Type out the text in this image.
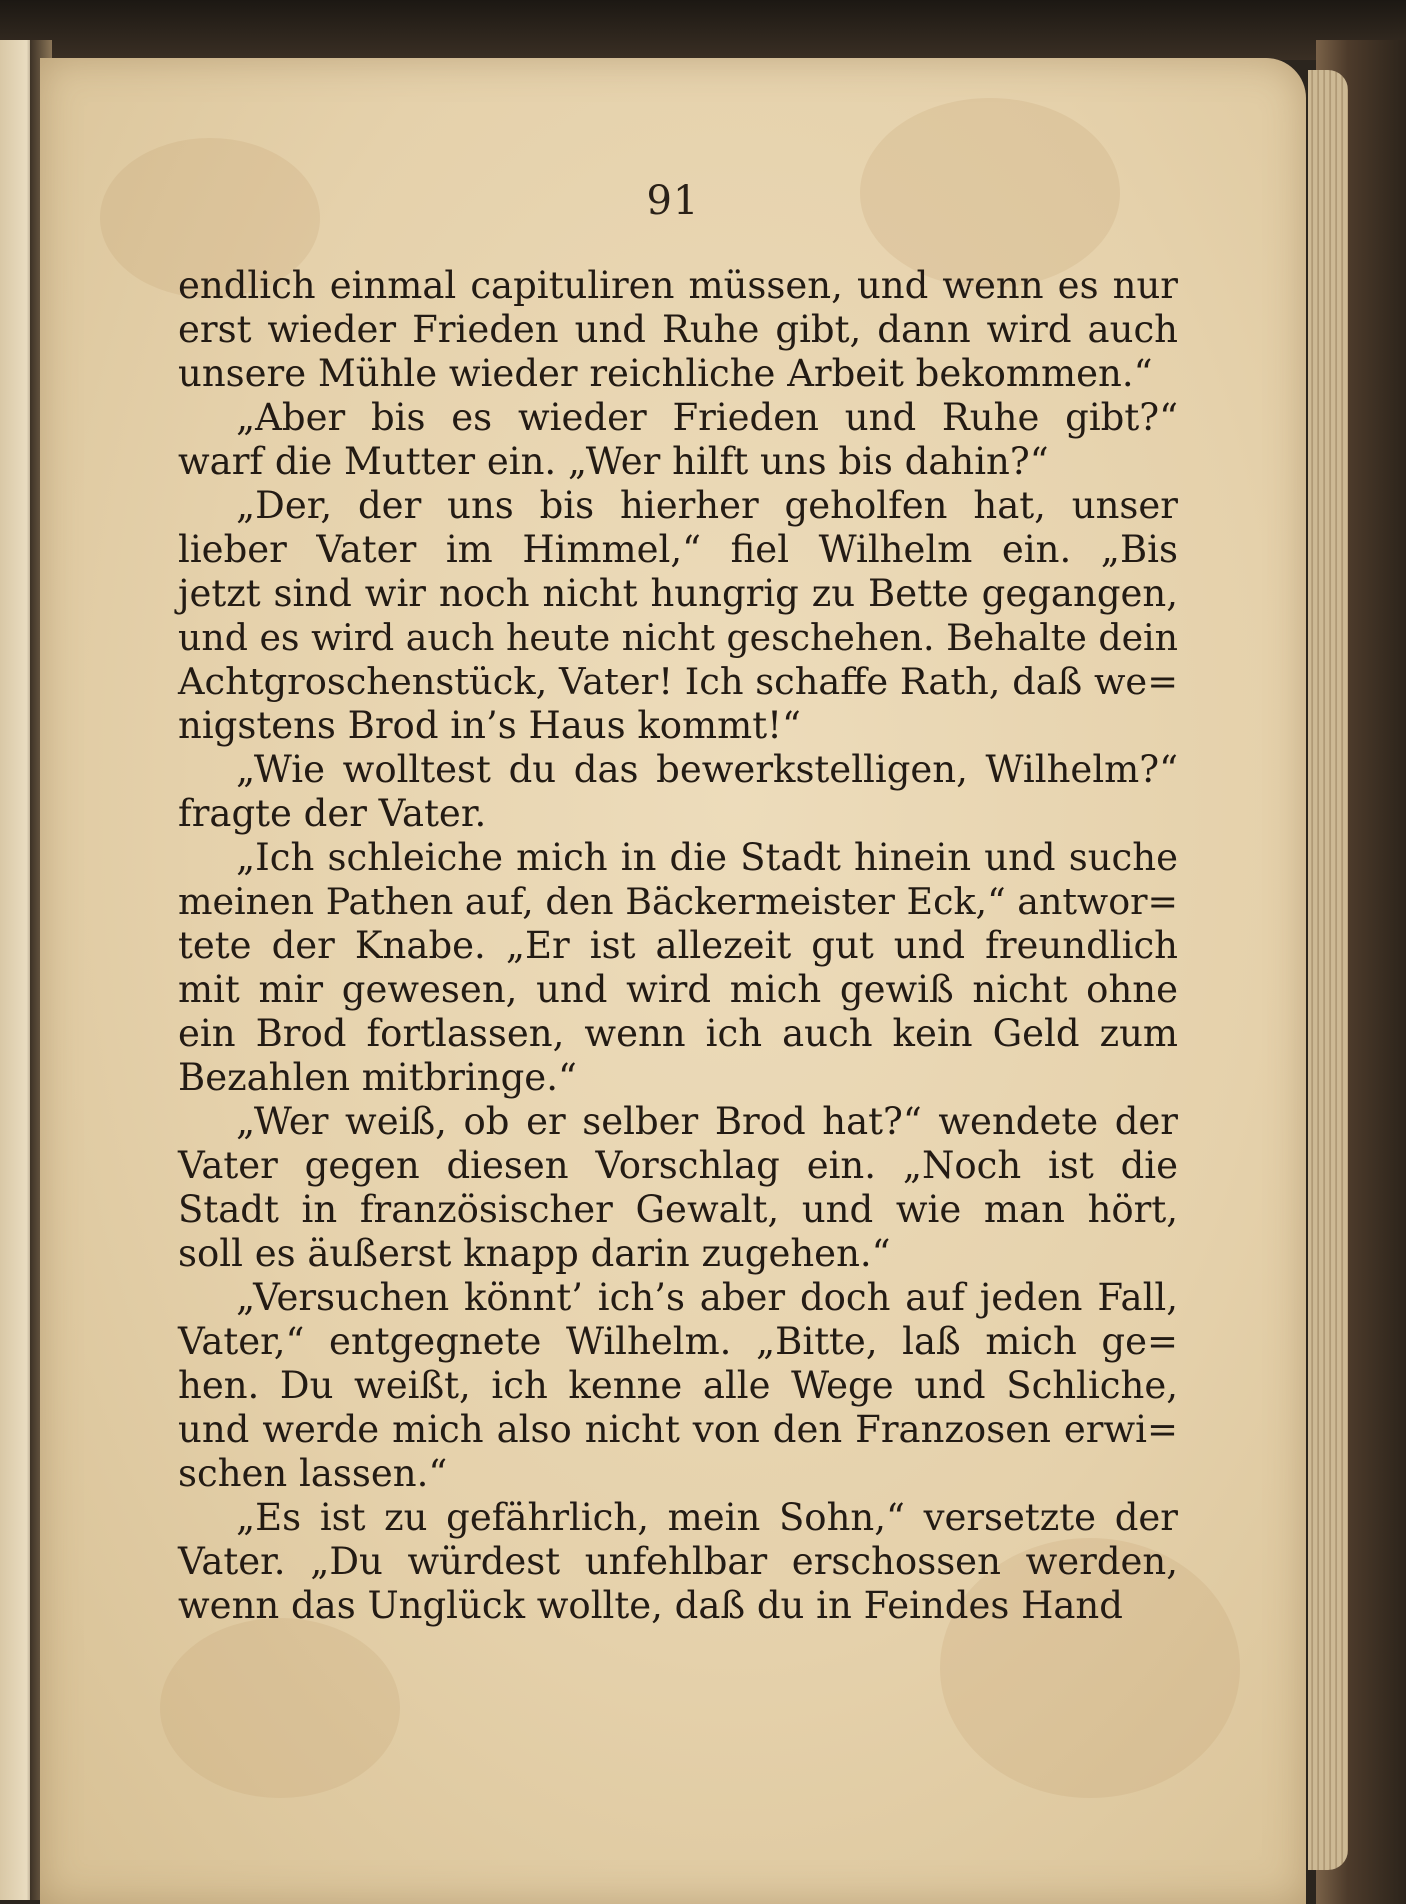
91
endlich einmal capituliren müssen, und wenn es nur
erst wieder Frieden und Ruhe gibt, dann wird auch
unsere Mühle wieder reichliche Arbeit bekommen.“
„Aber bis es wieder Frieden und Ruhe gibt?“
warf die Mutter ein. „Wer hilft uns bis dahin?“
„Der, der uns bis hierher geholfen hat, unser
lieber Vater im Himmel,“ fiel Wilhelm ein. „Bis
jetzt sind wir noch nicht hungrig zu Bette gegangen,
und es wird auch heute nicht geschehen. Behalte dein
Achtgroschenstück, Vater! Ich schaffe Rath, daß we=
nigstens Brod in’s Haus kommt!“
„Wie wolltest du das bewerkstelligen, Wilhelm?“
fragte der Vater.
„Ich schleiche mich in die Stadt hinein und suche
meinen Pathen auf, den Bäckermeister Eck,“ antwor=
tete der Knabe. „Er ist allezeit gut und freundlich
mit mir gewesen, und wird mich gewiß nicht ohne
ein Brod fortlassen, wenn ich auch kein Geld zum
Bezahlen mitbringe.“
„Wer weiß, ob er selber Brod hat?“ wendete der
Vater gegen diesen Vorschlag ein. „Noch ist die
Stadt in französischer Gewalt, und wie man hört,
soll es äußerst knapp darin zugehen.“
„Versuchen könnt’ ich’s aber doch auf jeden Fall,
Vater,“ entgegnete Wilhelm. „Bitte, laß mich ge=
hen. Du weißt, ich kenne alle Wege und Schliche,
und werde mich also nicht von den Franzosen erwi=
schen lassen.“
„Es ist zu gefährlich, mein Sohn,“ versetzte der
Vater. „Du würdest unfehlbar erschossen werden,
wenn das Unglück wollte, daß du in Feindes Hand
